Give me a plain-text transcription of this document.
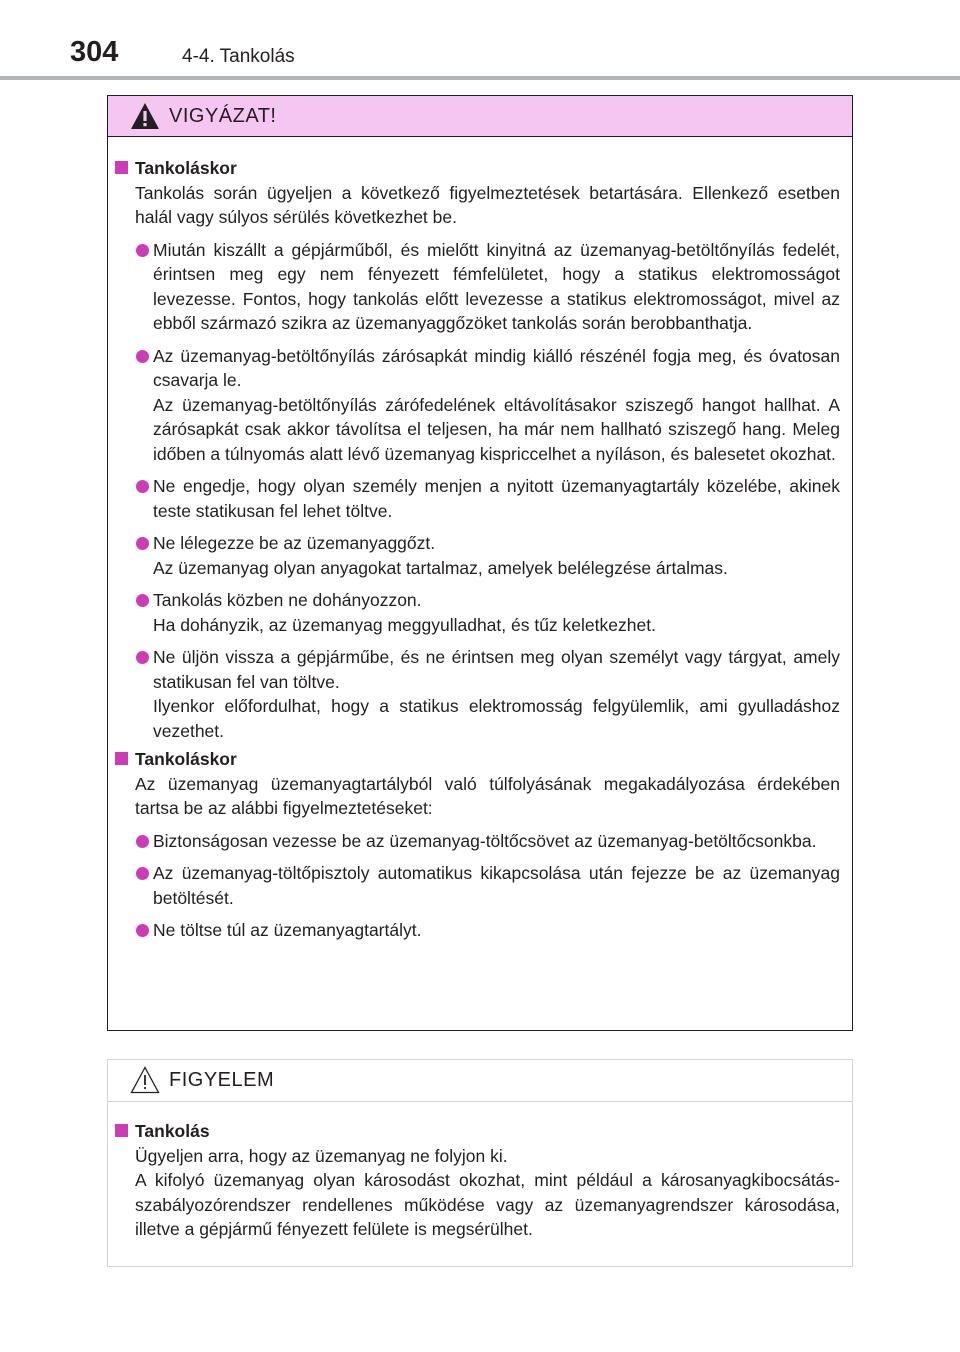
304	4-4. Tankolás
VIGYÁZAT!
Tankoláskor
Tankolás során ügyeljen a következő figyelmeztetések betartására. Ellenkező esetben halál vagy súlyos sérülés következhet be.

Miután kiszállt a gépjárműből, és mielőtt kinyitná az üzemanyag-betöltőnyílás fedelét, érintsen meg egy nem fényezett fémfelületet, hogy a statikus elektromosságot levezesse. Fontos, hogy tankolás előtt levezesse a statikus elektromosságot, mivel az ebből származó szikra az üzemanyaggőzöket tankolás során berobbanthatja.

Az üzemanyag-betöltőnyílás zárósapkát mindig kiálló részénél fogja meg, és óvatosan csavarja le.

Az üzemanyag-betöltőnyílás zárófedelének eltávolításakor sziszegő hangot hallhat. A zárósapkát csak akkor távolítsa el teljesen, ha már nem hallható sziszegő hang. Meleg időben a túlnyomás alatt lévő üzemanyag kispriccelhet a nyíláson, és balesetet okozhat.

Ne engedje, hogy olyan személy menjen a nyitott üzemanyagtartály közelébe, akinek teste statikusan fel lehet töltve.

Ne lélegezze be az üzemanyaggőzt.

Az üzemanyag olyan anyagokat tartalmaz, amelyek belélegzése ártalmas.

Tankolás közben ne dohányozzon.

Ha dohányzik, az üzemanyag meggyulladhat, és tűz keletkezhet.

Ne üljön vissza a gépjárműbe, és ne érintsen meg olyan személyt vagy tárgyat, amely statikusan fel van töltve.

Ilyenkor előfordulhat, hogy a statikus elektromosság felgyülemlik, ami gyulladáshoz vezethet.

Tankoláskor
Az üzemanyag üzemanyagtartályból való túlfolyásának megakadályozása érdekében tartsa be az alábbi figyelmeztetéseket:

Biztonságosan vezesse be az üzemanyag-töltőcsövet az üzemanyag-betöltőcsonkba.

Az üzemanyag-töltőpisztoly automatikus kikapcsolása után fejezze be az üzemanyag betöltését.

Ne töltse túl az üzemanyagtartályt.

FIGYELEM
Tankolás

Ügyeljen arra, hogy az üzemanyag ne folyjon ki.

A kifolyó üzemanyag olyan károsodást okozhat, mint például a károsanyagkibocsátás-szabályozórendszer rendellenes működése vagy az üzemanyagrendszer károsodása, illetve a gépjármű fényezett felülete is megsérülhet.
